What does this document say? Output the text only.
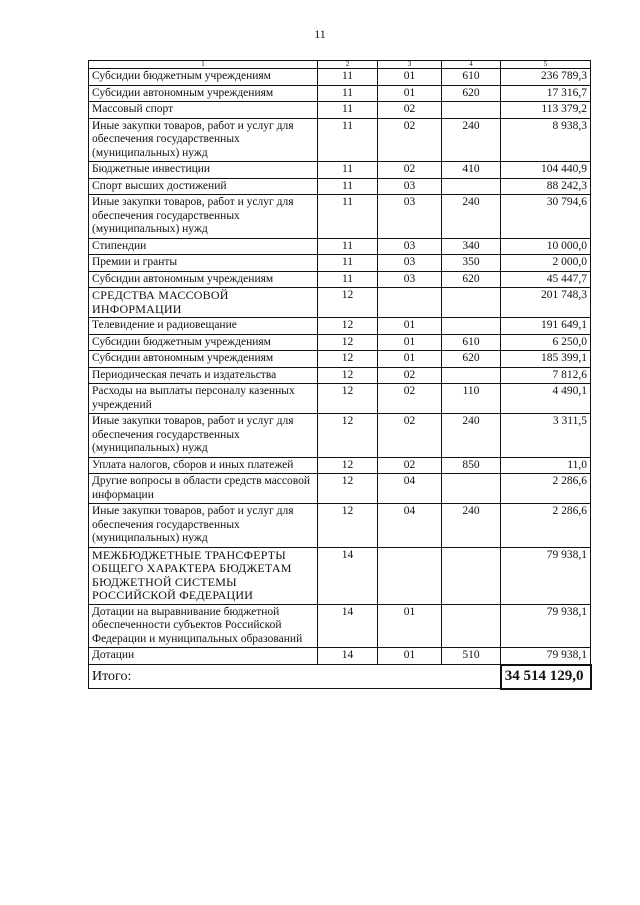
11
1	2	3	4	5
Субсидии бюджетным учреждениям	11	01	610	236 789,3
Субсидии автономным учреждениям	11	01	620	17 316,7
Массовый спорт	11	02		113 379,2
Иные закупки товаров, работ и услуг для обеспечения государственных (муниципальных) нужд	11	02	240	8 938,3
Бюджетные инвестиции	11	02	410	104 440,9
Спорт высших достижений	11	03		88 242,3
Иные закупки товаров, работ и услуг для обеспечения государственных (муниципальных) нужд	11	03	240	30 794,6
Стипендии	11	03	340	10 000,0
Премии и гранты	11	03	350	2 000,0
Субсидии автономным учреждениям	11	03	620	45 447,7
СРЕДСТВА МАССОВОЙ ИНФОРМАЦИИ	12			201 748,3
Телевидение и радиовещание	12	01		191 649,1
Субсидии бюджетным учреждениям	12	01	610	6 250,0
Субсидии автономным учреждениям	12	01	620	185 399,1
Периодическая печать и издательства	12	02		7 812,6
Расходы на выплаты персоналу казенных учреждений	12	02	110	4 490,1
Иные закупки товаров, работ и услуг для обеспечения государственных (муниципальных) нужд	12	02	240	3 311,5
Уплата налогов, сборов и иных платежей	12	02	850	11,0
Другие вопросы в области средств массовой информации	12	04		2 286,6
Иные закупки товаров, работ и услуг для обеспечения государственных (муниципальных) нужд	12	04	240	2 286,6
МЕЖБЮДЖЕТНЫЕ ТРАНСФЕРТЫ ОБЩЕГО ХАРАКТЕРА БЮДЖЕТАМ БЮДЖЕТНОЙ СИСТЕМЫ РОССИЙСКОЙ ФЕДЕРАЦИИ	14			79 938,1
Дотации на выравнивание бюджетной обеспеченности субъектов Российской Федерации и муниципальных образований	14	01		79 938,1
Дотации	14	01	510	79 938,1
Итого:				34 514 129,0
